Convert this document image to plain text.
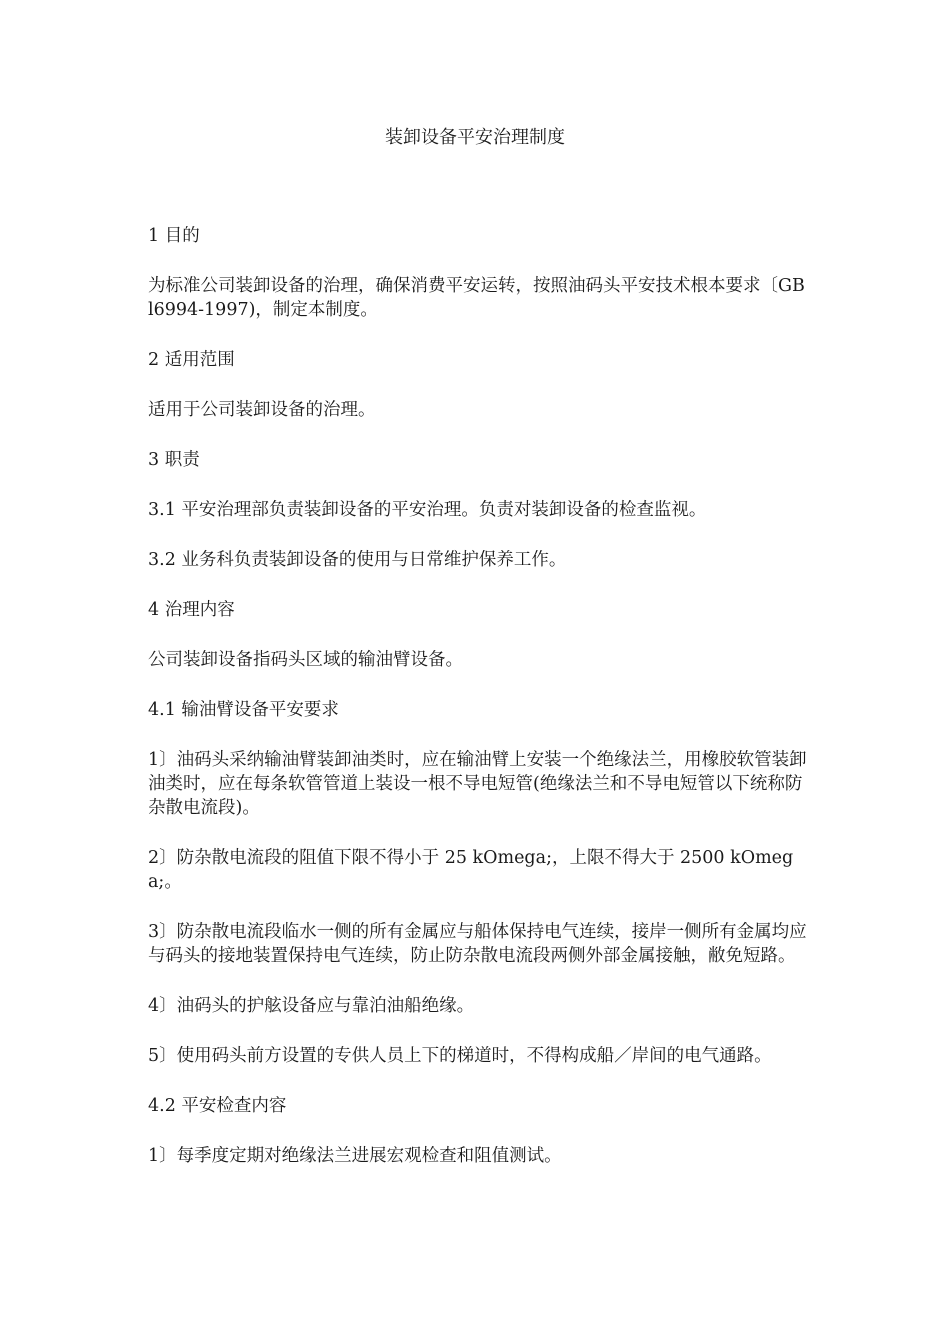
装卸设备平安治理制度

1 目的

为标准公司装卸设备的治理，确保消费平安运转，按照油码头平安技术根本要求〔GBl6994-1997)，制定本制度。

2 适用范围

适用于公司装卸设备的治理。

3 职责

3.1 平安治理部负责装卸设备的平安治理。负责对装卸设备的检查监视。

3.2 业务科负责装卸设备的使用与日常维护保养工作。

4 治理内容

公司装卸设备指码头区域的输油臂设备。

4.1 输油臂设备平安要求

1〕油码头采纳输油臂装卸油类时，应在输油臂上安装一个绝缘法兰，用橡胶软管装卸油类时，应在每条软管管道上装设一根不导电短管(绝缘法兰和不导电短管以下统称防杂散电流段)。

2〕防杂散电流段的阻值下限不得小于 25 kOmega;，上限不得大于 2500 kOmega;。

3〕防杂散电流段临水一侧的所有金属应与船体保持电气连续，接岸一侧所有金属均应与码头的接地装置保持电气连续，防止防杂散电流段两侧外部金属接触，敝免短路。

4〕油码头的护舷设备应与靠泊油船绝缘。

5〕使用码头前方设置的专供人员上下的梯道时，不得构成船／岸间的电气通路。

4.2 平安检查内容

1〕每季度定期对绝缘法兰进展宏观检查和阻值测试。
